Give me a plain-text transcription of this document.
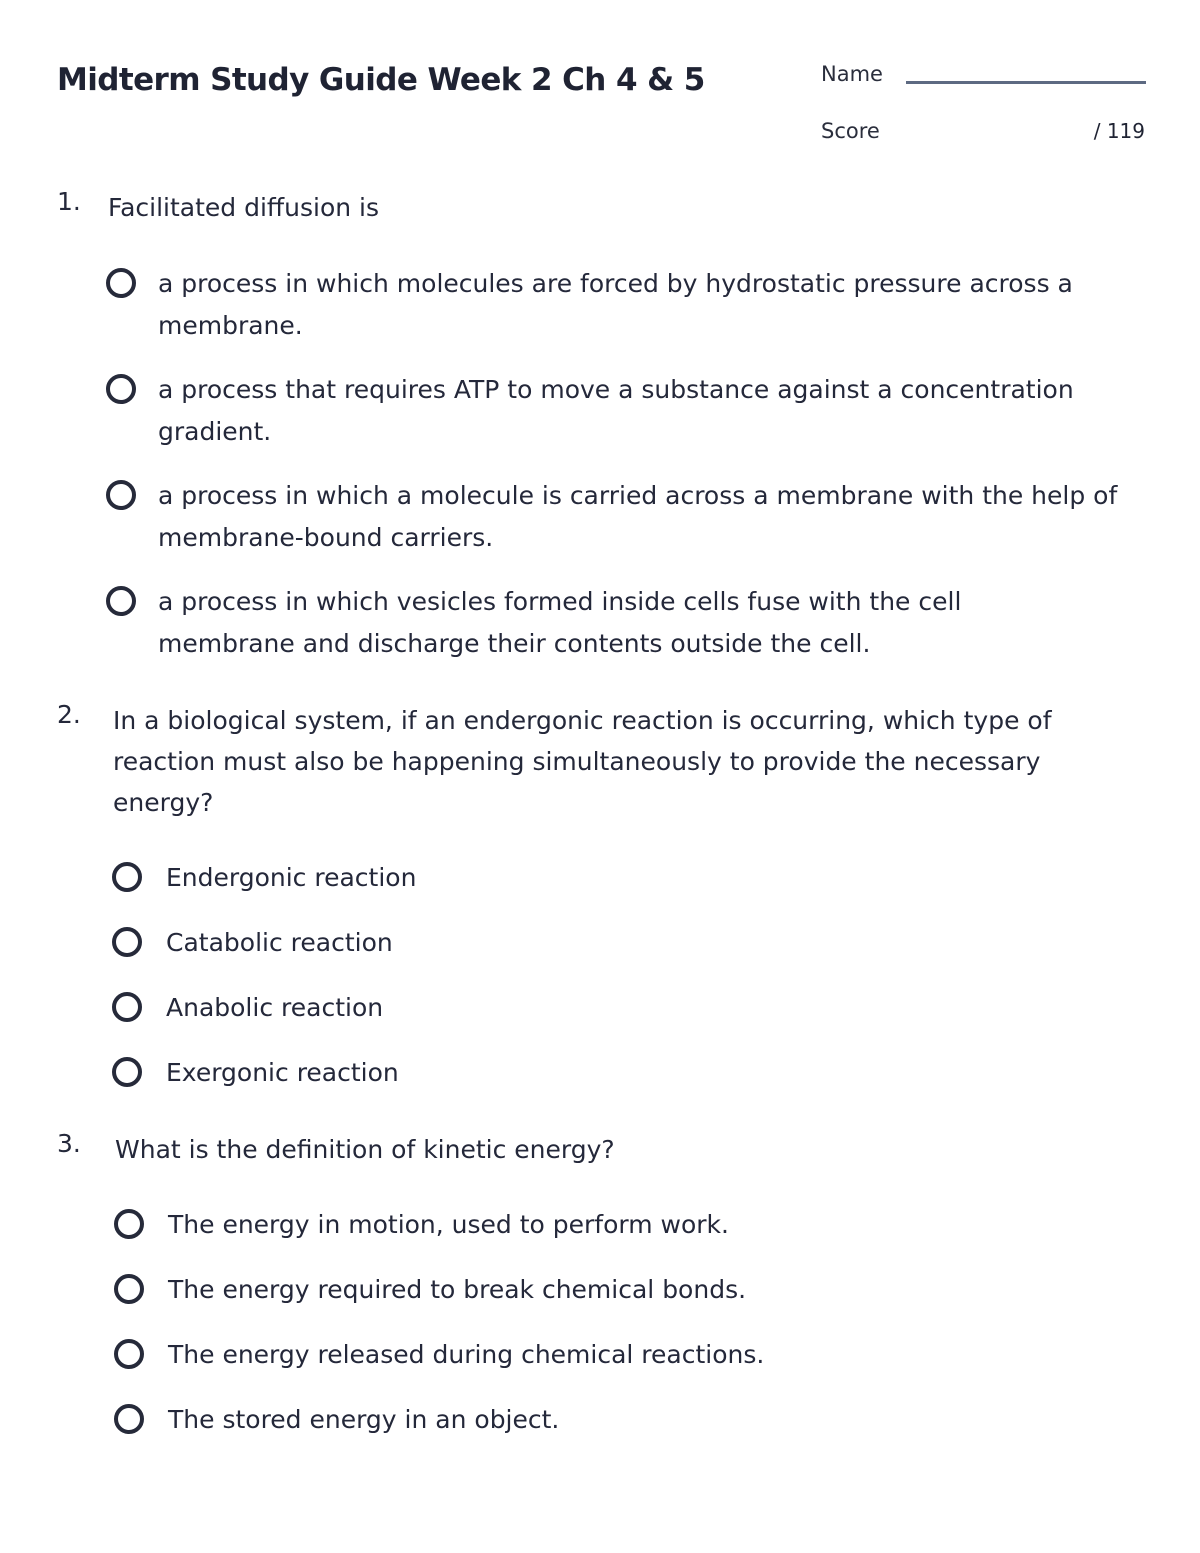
Midterm Study Guide Week 2 Ch 4 & 5	Name
Score	/ 119
1.	Facilitated diffusion is
a process in which molecules are forced by hydrostatic pressure across a membrane.
a process that requires ATP to move a substance against a concentration gradient.
a process in which a molecule is carried across a membrane with the help of membrane-bound carriers.
a process in which vesicles formed inside cells fuse with the cell membrane and discharge their contents outside the cell.
2.	In a biological system, if an endergonic reaction is occurring, which type of reaction must also be happening simultaneously to provide the necessary energy?
Endergonic reaction
Catabolic reaction
Anabolic reaction
Exergonic reaction
3.	What is the definition of kinetic energy?
The energy in motion, used to perform work.
The energy required to break chemical bonds.
The energy released during chemical reactions.
The stored energy in an object.
